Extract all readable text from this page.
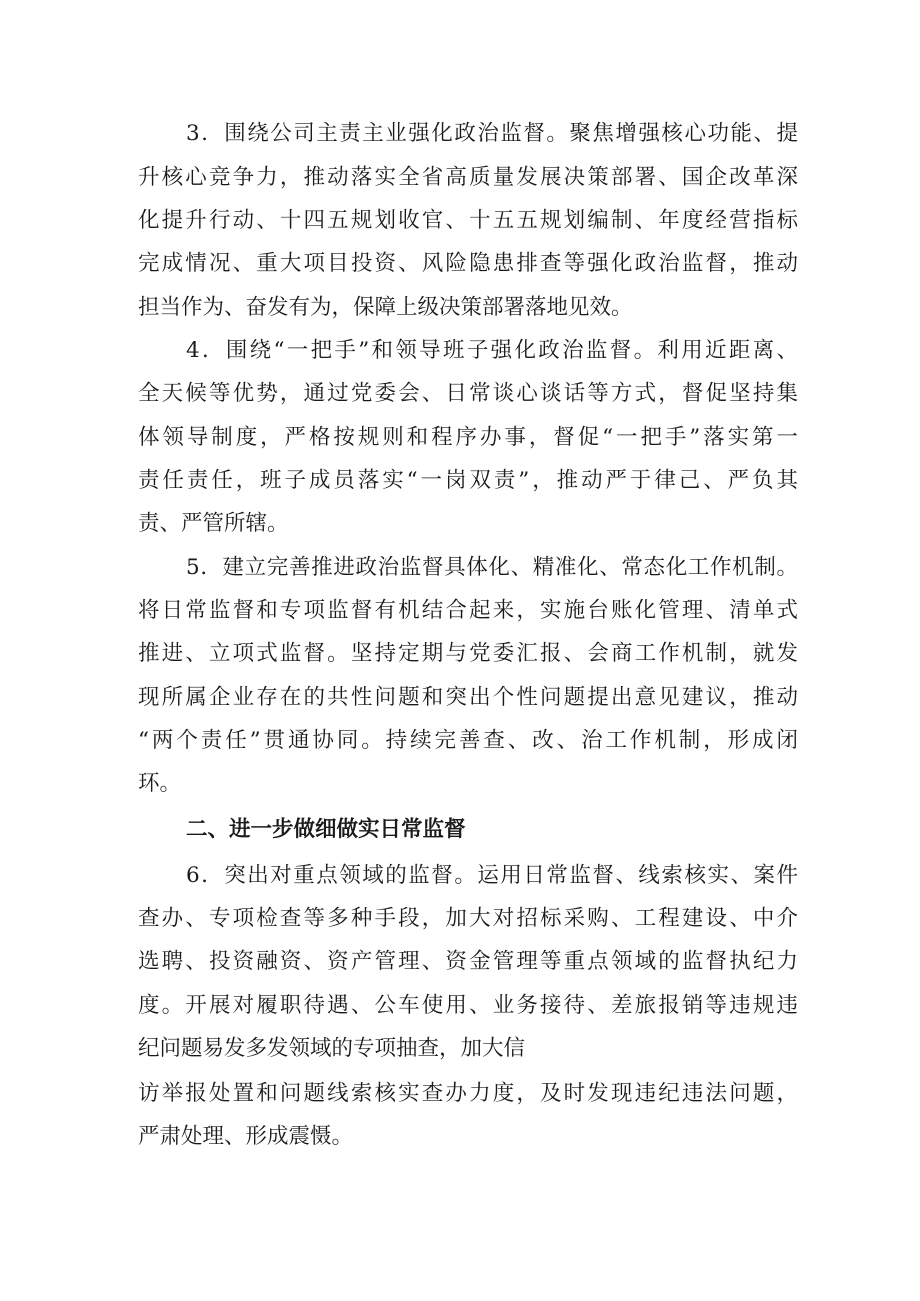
3．围绕公司主责主业强化政治监督。聚焦增强核心功能、提
升核心竞争力，推动落实全省高质量发展决策部署、国企改革深
化提升行动、十四五规划收官、十五五规划编制、年度经营指标
完成情况、重大项目投资、风险隐患排查等强化政治监督，推动
担当作为、奋发有为，保障上级决策部署落地见效。
4．围绕“一把手”和领导班子强化政治监督。利用近距离、
全天候等优势，通过党委会、日常谈心谈话等方式，督促坚持集
体领导制度，严格按规则和程序办事，督促“一把手”落实第一
责任责任，班子成员落实“一岗双责”，推动严于律己、严负其
责、严管所辖。
5．建立完善推进政治监督具体化、精准化、常态化工作机制。
将日常监督和专项监督有机结合起来，实施台账化管理、清单式
推进、立项式监督。坚持定期与党委汇报、会商工作机制，就发
现所属企业存在的共性问题和突出个性问题提出意见建议，推动
“两个责任”贯通协同。持续完善查、改、治工作机制，形成闭
环。
二、进一步做细做实日常监督
6．突出对重点领域的监督。运用日常监督、线索核实、案件
查办、专项检查等多种手段，加大对招标采购、工程建设、中介
选聘、投资融资、资产管理、资金管理等重点领域的监督执纪力
度。开展对履职待遇、公车使用、业务接待、差旅报销等违规违
纪问题易发多发领域的专项抽查，加大信
访举报处置和问题线索核实查办力度，及时发现违纪违法问题，
严肃处理、形成震慑。
